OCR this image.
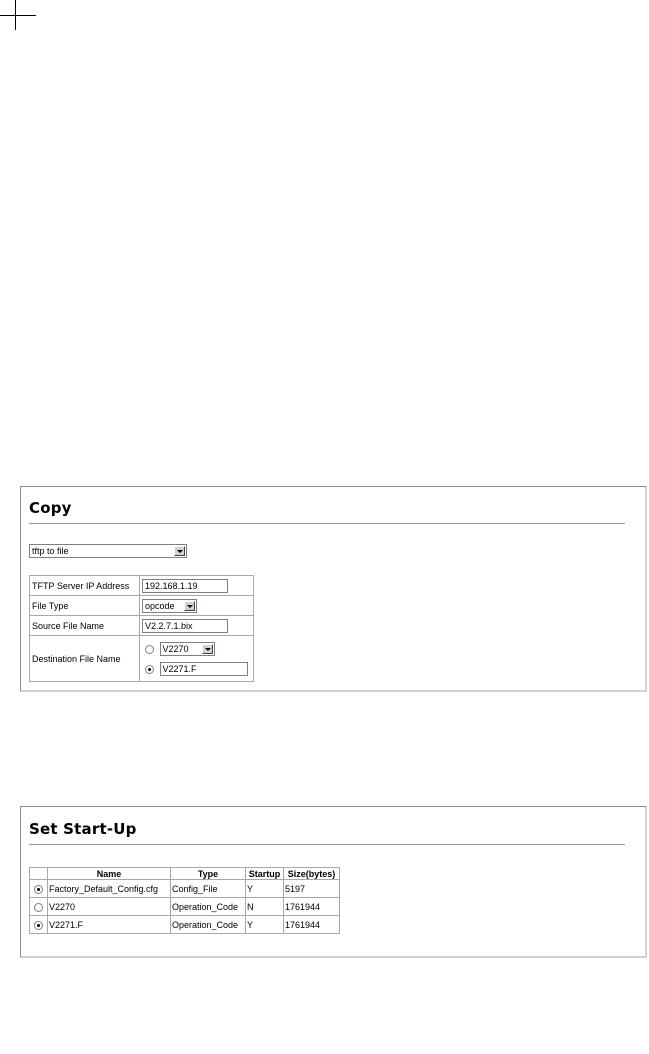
Copy
tftp to file
TFTP Server IP Address	192.168.1.19
File Type	opcode

Source File Name	V2.2.7.1.bix
Destination File Name	V2270
V2271.F
Set Start-Up
	Name	Type	Startup	Size(bytes)
	Factory_Default_Config.cfg	Config_File	Y	5197
	V2270	Operation_Code	N	1761944
	V2271.F	Operation_Code	Y	1761944
